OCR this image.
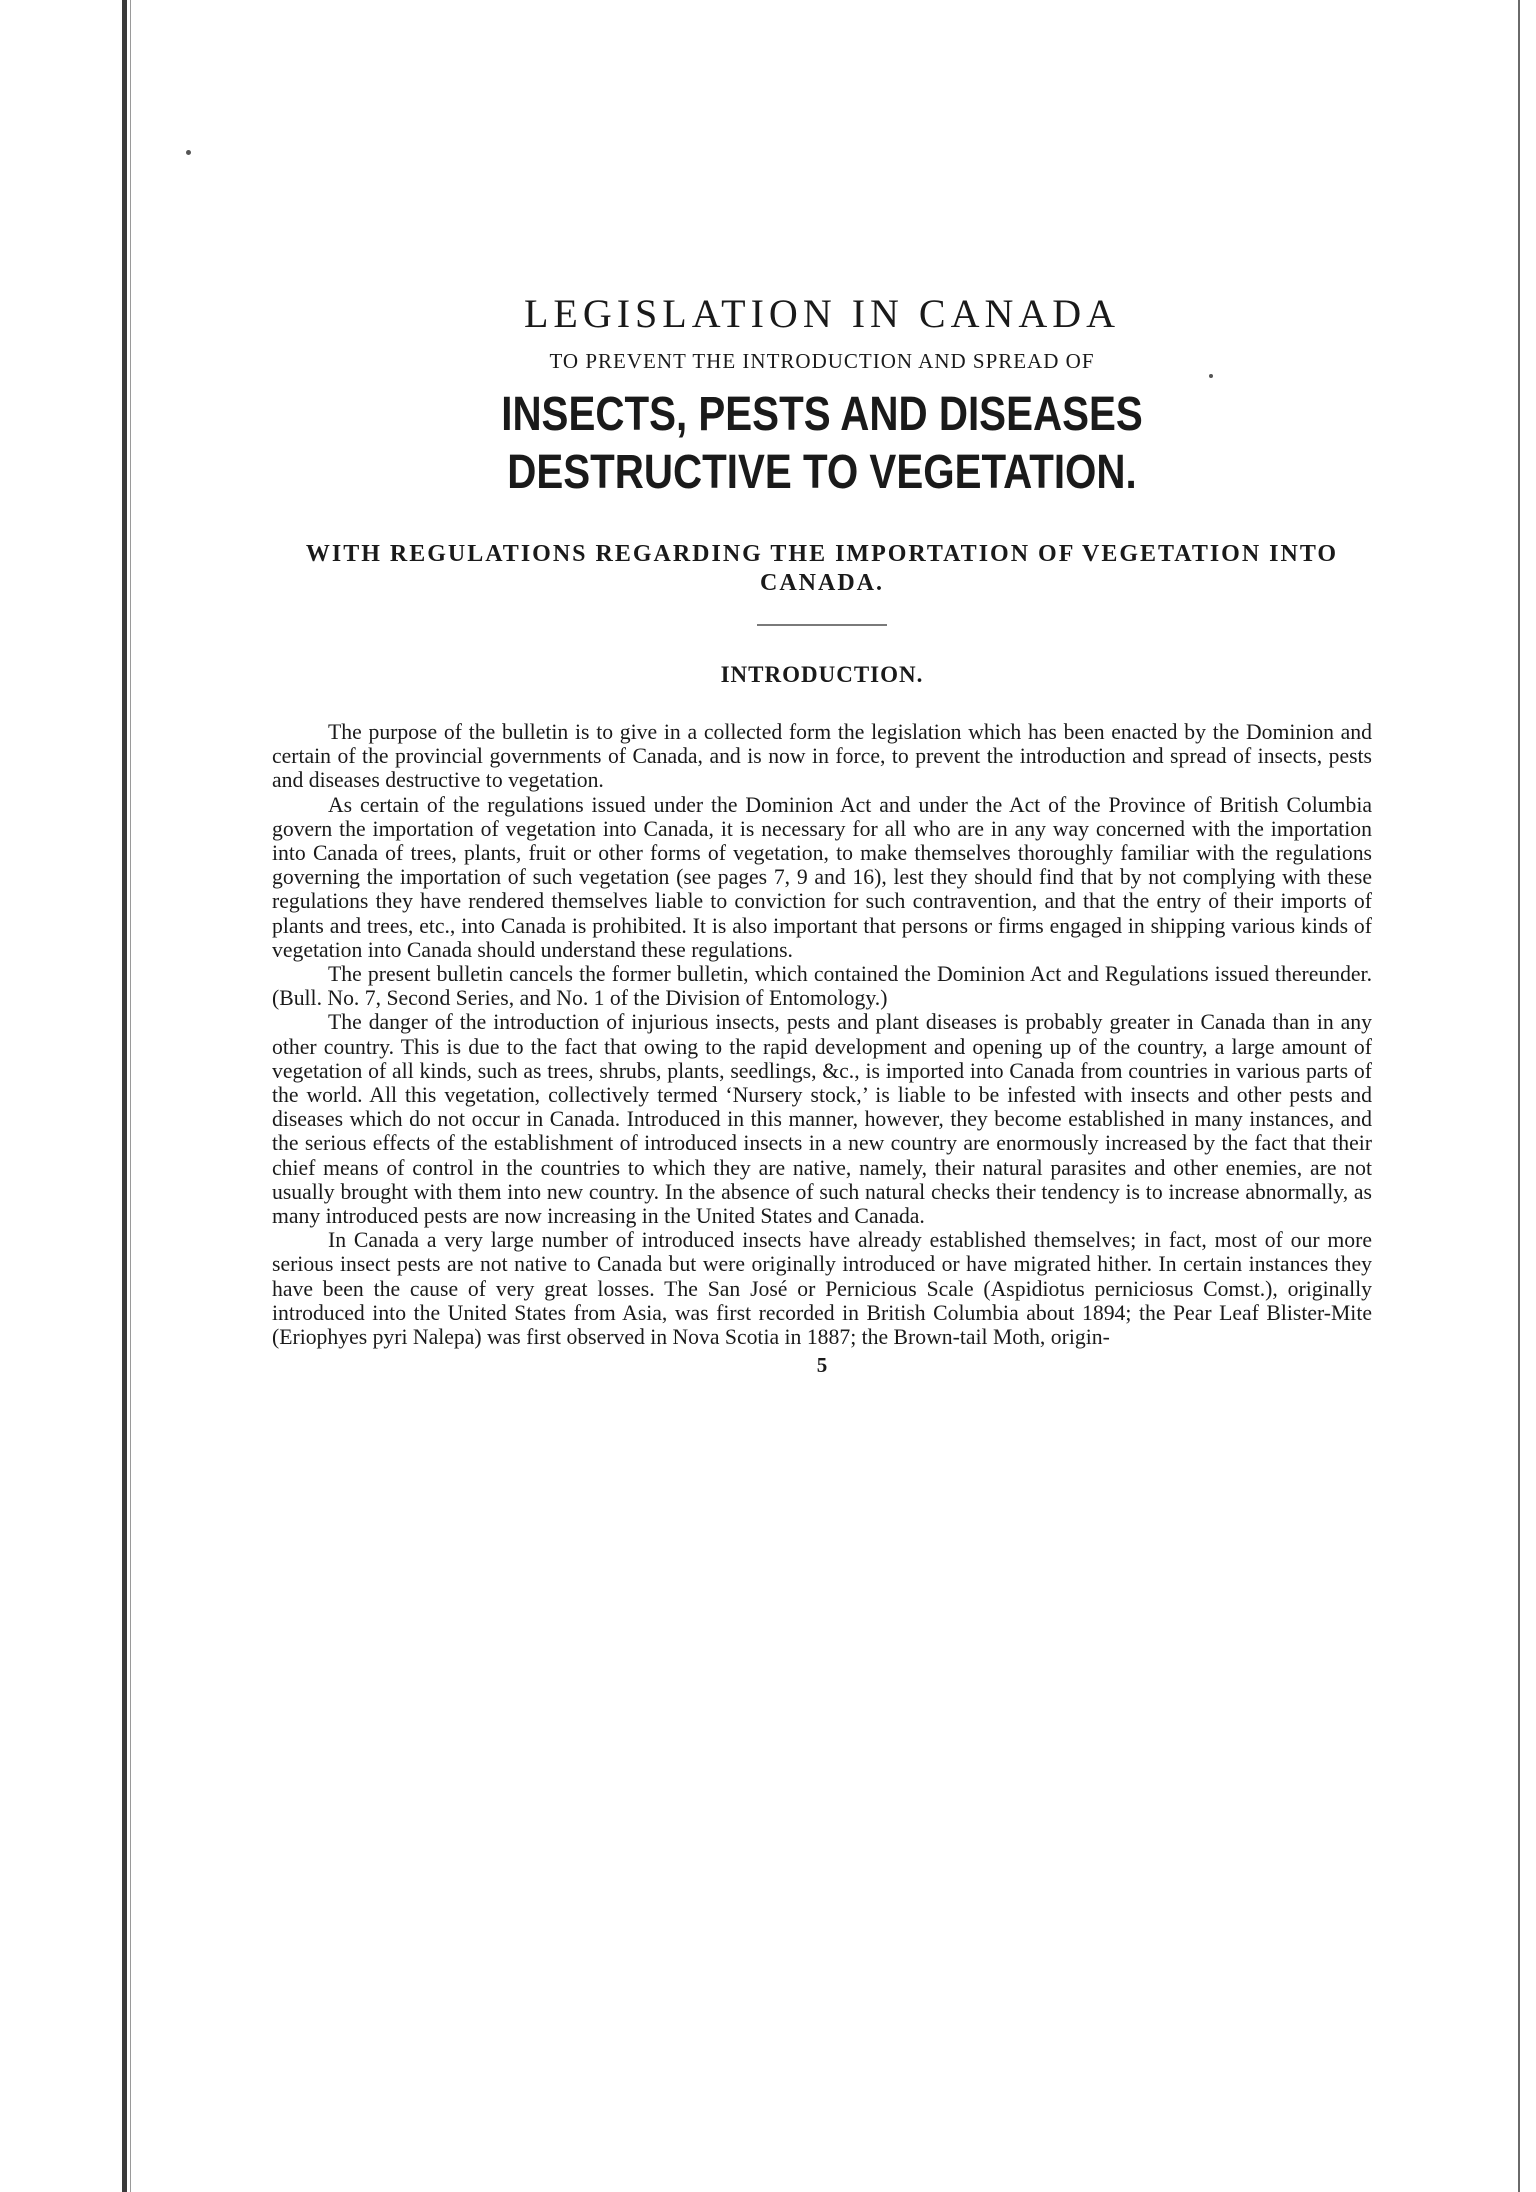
LEGISLATION IN CANADA
TO PREVENT THE INTRODUCTION AND SPREAD OF
INSECTS, PESTS AND DISEASES DESTRUCTIVE TO VEGETATION.
WITH REGULATIONS REGARDING THE IMPORTATION OF VEGETATION INTO CANADA.
INTRODUCTION.

The purpose of the bulletin is to give in a collected form the legislation which has been enacted by the Dominion and certain of the provincial governments of Canada, and is now in force, to prevent the introduction and spread of insects, pests and diseases destructive to vegetation.

As certain of the regulations issued under the Dominion Act and under the Act of the Province of British Columbia govern the importation of vegetation into Canada, it is necessary for all who are in any way concerned with the importation into Canada of trees, plants, fruit or other forms of vegetation, to make themselves thoroughly familiar with the regulations governing the importation of such vegetation (see pages 7, 9 and 16), lest they should find that by not complying with these regulations they have rendered themselves liable to conviction for such contravention, and that the entry of their imports of plants and trees, etc., into Canada is prohibited. It is also important that persons or firms engaged in shipping various kinds of vegetation into Canada should understand these regulations.

The present bulletin cancels the former bulletin, which contained the Dominion Act and Regulations issued thereunder. (Bull. No. 7, Second Series, and No. 1 of the Division of Entomology.)

The danger of the introduction of injurious insects, pests and plant diseases is probably greater in Canada than in any other country. This is due to the fact that owing to the rapid development and opening up of the country, a large amount of vegetation of all kinds, such as trees, shrubs, plants, seedlings, &c., is imported into Canada from countries in various parts of the world. All this vegetation, collectively termed ‘Nursery stock,’ is liable to be infested with insects and other pests and diseases which do not occur in Canada. Introduced in this manner, however, they become established in many instances, and the serious effects of the establishment of introduced insects in a new country are enormously increased by the fact that their chief means of control in the countries to which they are native, namely, their natural parasites and other enemies, are not usually brought with them into new country. In the absence of such natural checks their tendency is to increase abnormally, as many introduced pests are now increasing in the United States and Canada.

In Canada a very large number of introduced insects have already established themselves; in fact, most of our more serious insect pests are not native to Canada but were originally introduced or have migrated hither. In certain instances they have been the cause of very great losses. The San José or Pernicious Scale (Aspidiotus perniciosus Comst.), originally introduced into the United States from Asia, was first recorded in British Columbia about 1894; the Pear Leaf Blister-Mite (Eriophyes pyri Nalepa) was first observed in Nova Scotia in 1887; the Brown-tail Moth, origin-

5
